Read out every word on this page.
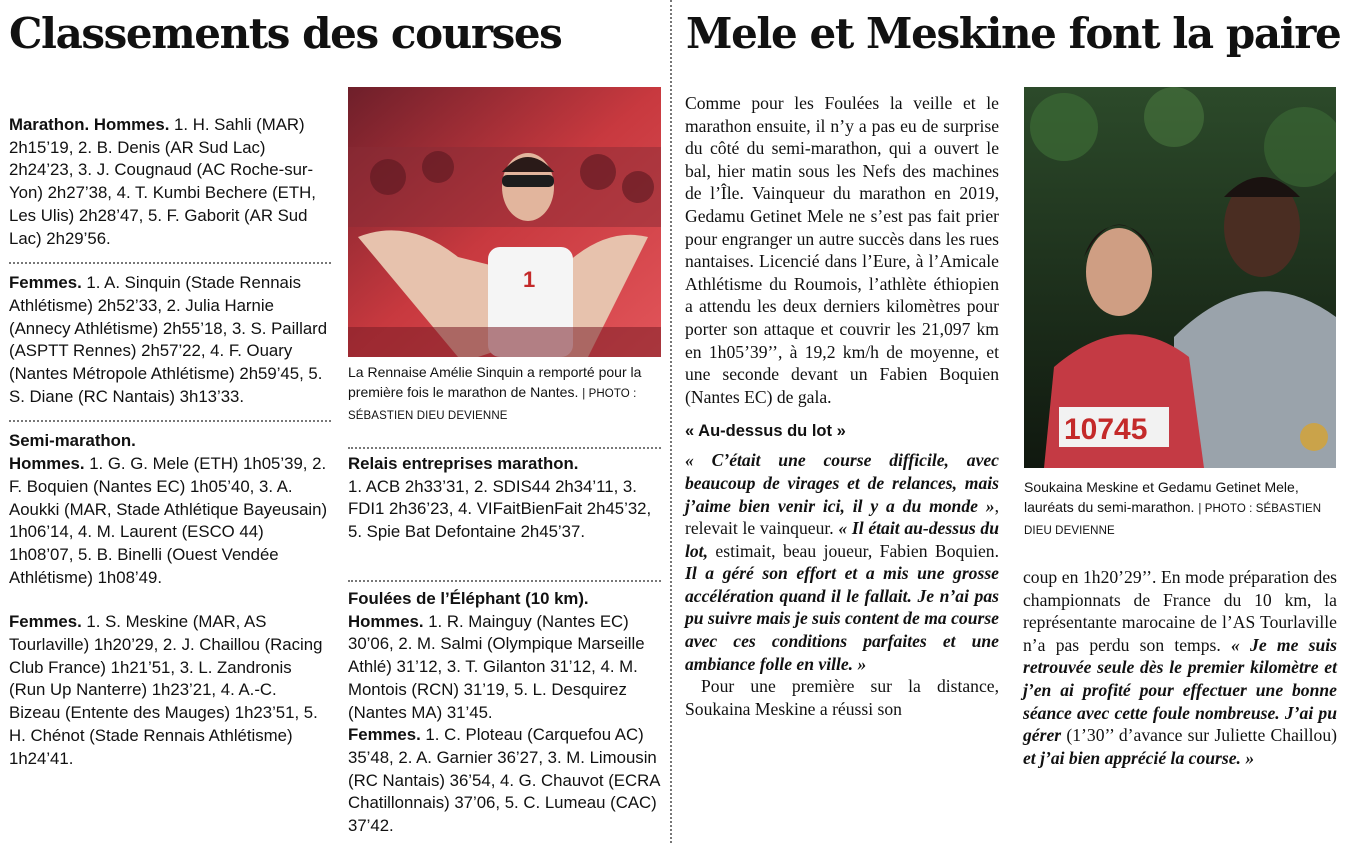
Classements des courses

Marathon. Hommes. 1. H. Sahli (MAR) 2h15’19, 2. B. Denis (AR Sud Lac) 2h24’23, 3. J. Cougnaud (AC Roche-sur-Yon) 2h27’38, 4. T. Kumbi Bechere (ETH, Les Ulis) 2h28’47, 5. F. Gaborit (AR Sud Lac) 2h29’56.

Femmes. 1. A. Sinquin (Stade Rennais Athlétisme) 2h52’33, 2. Julia Harnie (Annecy Athlétisme) 2h55’18, 3. S. Paillard (ASPTT Rennes) 2h57’22, 4. F. Ouary (Nantes Métropole Athlétisme) 2h59’45, 5. S. Diane (RC Nantais) 3h13’33.

Semi-marathon.
Hommes. 1. G. G. Mele (ETH) 1h05’39, 2. F. Boquien (Nantes EC) 1h05’40, 3. A. Aoukki (MAR, Stade Athlétique Bayeusain) 1h06’14, 4. M. Laurent (ESCO 44) 1h08’07, 5. B. Binelli (Ouest Vendée Athlétisme) 1h08’49.

Femmes. 1. S. Meskine (MAR, AS Tourlaville) 1h20’29, 2. J. Chaillou (Racing Club France) 1h21’51, 3. L. Zandronis (Run Up Nanterre) 1h23’21, 4. A.-C. Bizeau (Entente des Mauges) 1h23’51, 5. H. Chénot (Stade Rennais Athlétisme) 1h24’41.

1

La Rennaise Amélie Sinquin a remporté pour la première fois le marathon de Nantes. | PHOTO : SÉBASTIEN DIEU DEVIENNE

Relais entreprises marathon.
1. ACB 2h33’31, 2. SDIS44 2h34’11, 3. FDI1 2h36’23, 4. VIFaitBienFait 2h45’32, 5. Spie Bat Defontaine 2h45’37.

Foulées de l’Éléphant (10 km).
Hommes. 1. R. Mainguy (Nantes EC) 30’06, 2. M. Salmi (Olympique Marseille Athlé) 31’12, 3. T. Gilanton 31’12, 4. M. Montois (RCN) 31’19, 5. L. Desquirez (Nantes MA) 31’45.
Femmes. 1. C. Ploteau (Carquefou AC) 35’48, 2. A. Garnier 36’27, 3. M. Limousin (RC Nantais) 36’54, 4. G. Chauvot (ECRA Chatillonnais) 37’06, 5. C. Lumeau (CAC) 37’42.

Mele et Meskine font la paire

Comme pour les Foulées la veille et le marathon ensuite, il n’y a pas eu de surprise du côté du semi-marathon, qui a ouvert le bal, hier matin sous les Nefs des machines de l’Île. Vainqueur du marathon en 2019, Gedamu Getinet Mele ne s’est pas fait prier pour engranger un autre succès dans les rues nantaises. Licencié dans l’Eure, à l’Amicale Athlétisme du Roumois, l’athlète éthiopien a attendu les deux derniers kilomètres pour porter son attaque et couvrir les 21,097 km en 1h05’39’’, à 19,2 km/h de moyenne, et une seconde devant un Fabien Boquien (Nantes EC) de gala.

« Au-dessus du lot »

« C’était une course difficile, avec beaucoup de virages et de relances, mais j’aime bien venir ici, il y a du monde », relevait le vainqueur. « Il était au-dessus du lot, estimait, beau joueur, Fabien Boquien. Il a géré son effort et a mis une grosse accélération quand il le fallait. Je n’ai pas pu suivre mais je suis content de ma course avec ces conditions parfaites et une ambiance folle en ville. »

Pour une première sur la distance, Soukaina Meskine a réussi son

10745

Soukaina Meskine et Gedamu Getinet Mele, lauréats du semi-marathon. | PHOTO : SÉBASTIEN DIEU DEVIENNE

coup en 1h20’29’’. En mode préparation des championnats de France du 10 km, la représentante marocaine de l’AS Tourlaville n’a pas perdu son temps. « Je me suis retrouvée seule dès le premier kilomètre et j’en ai profité pour effectuer une bonne séance avec cette foule nombreuse. J’ai pu gérer (1’30’’ d’avance sur Juliette Chaillou) et j’ai bien apprécié la course. »
